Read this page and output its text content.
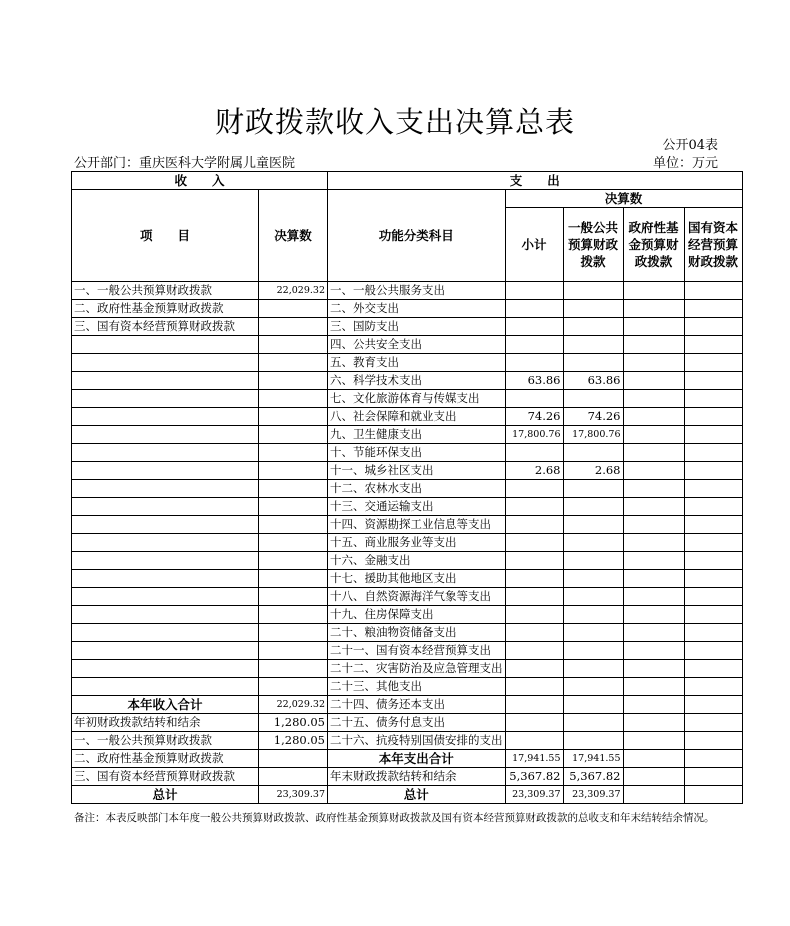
财政拨款收入支出决算总表
公开04表
公开部门：重庆医科大学附属儿童医院	单位：万元
收　　入		支　　出				
项　　目	决算数	功能分类科目	决算数			
			小计	一般公共预算财政拨款	政府性基金预算财政拨款	国有资本经营预算财政拨款
一、一般公共预算财政拨款	22,029.32	一、一般公共服务支出				
二、政府性基金预算财政拨款		二、外交支出				
三、国有资本经营预算财政拨款		三、国防支出				
		四、公共安全支出				
		五、教育支出				
		六、科学技术支出	63.86	63.86		
		七、文化旅游体育与传媒支出				
		八、社会保障和就业支出	74.26	74.26		
		九、卫生健康支出	17,800.76	17,800.76		
		十、节能环保支出				
		十一、城乡社区支出	2.68	2.68		
		十二、农林水支出				
		十三、交通运输支出				
		十四、资源勘探工业信息等支出				
		十五、商业服务业等支出				
		十六、金融支出				
		十七、援助其他地区支出				
		十八、自然资源海洋气象等支出				
		十九、住房保障支出				
		二十、粮油物资储备支出				
		二十一、国有资本经营预算支出				
		二十二、灾害防治及应急管理支出				
		二十三、其他支出				
本年收入合计	22,029.32	二十四、债务还本支出				
年初财政拨款结转和结余	1,280.05	二十五、债务付息支出				
一、一般公共预算财政拨款	1,280.05	二十六、抗疫特别国债安排的支出				
二、政府性基金预算财政拨款		本年支出合计	17,941.55	17,941.55		
三、国有资本经营预算财政拨款		年末财政拨款结转和结余	5,367.82	5,367.82		
总计	23,309.37	总计	23,309.37	23,309.37		
备注：本表反映部门本年度一般公共预算财政拨款、政府性基金预算财政拨款及国有资本经营预算财政拨款的总收支和年末结转结余情况。
